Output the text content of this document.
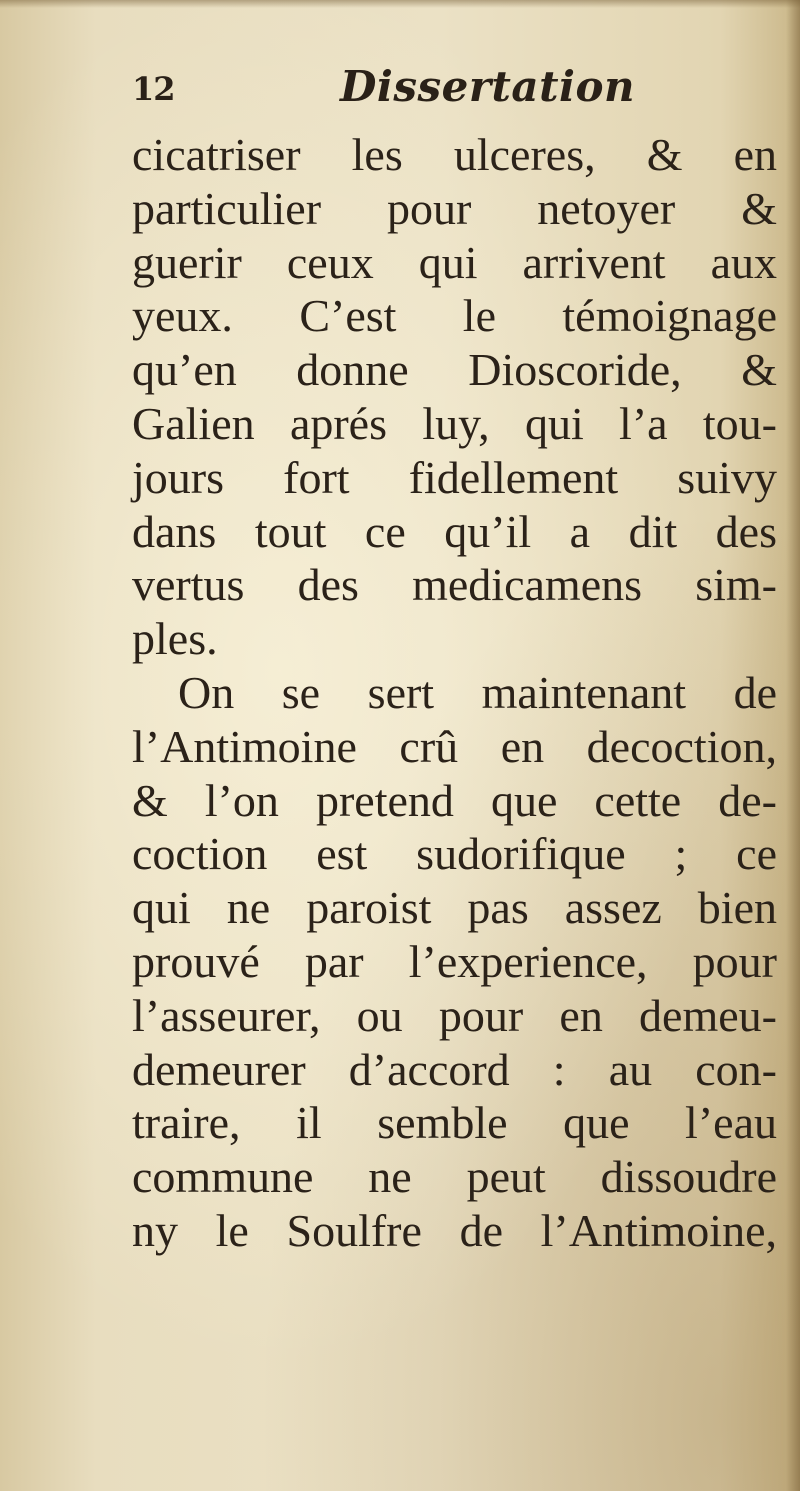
12	Dissertation
cicatriser les ulceres, & en
particulier pour netoyer &
guerir ceux qui arrivent aux
yeux. C’est le témoignage
qu’en donne Dioscoride, &
Galien aprés luy, qui l’a tou-
jours fort fidellement suivy
dans tout ce qu’il a dit des
vertus des medicamens sim-
ples.
On se sert maintenant de
l’Antimoine crû en decoction,
& l’on pretend que cette de-
coction est sudorifique ; ce
qui ne paroist pas assez bien
prouvé par l’experience, pour
l’asseurer, ou pour en demeu-
demeurer d’accord : au con-
traire, il semble que l’eau
commune ne peut dissoudre
ny le Soulfre de l’Antimoine,
